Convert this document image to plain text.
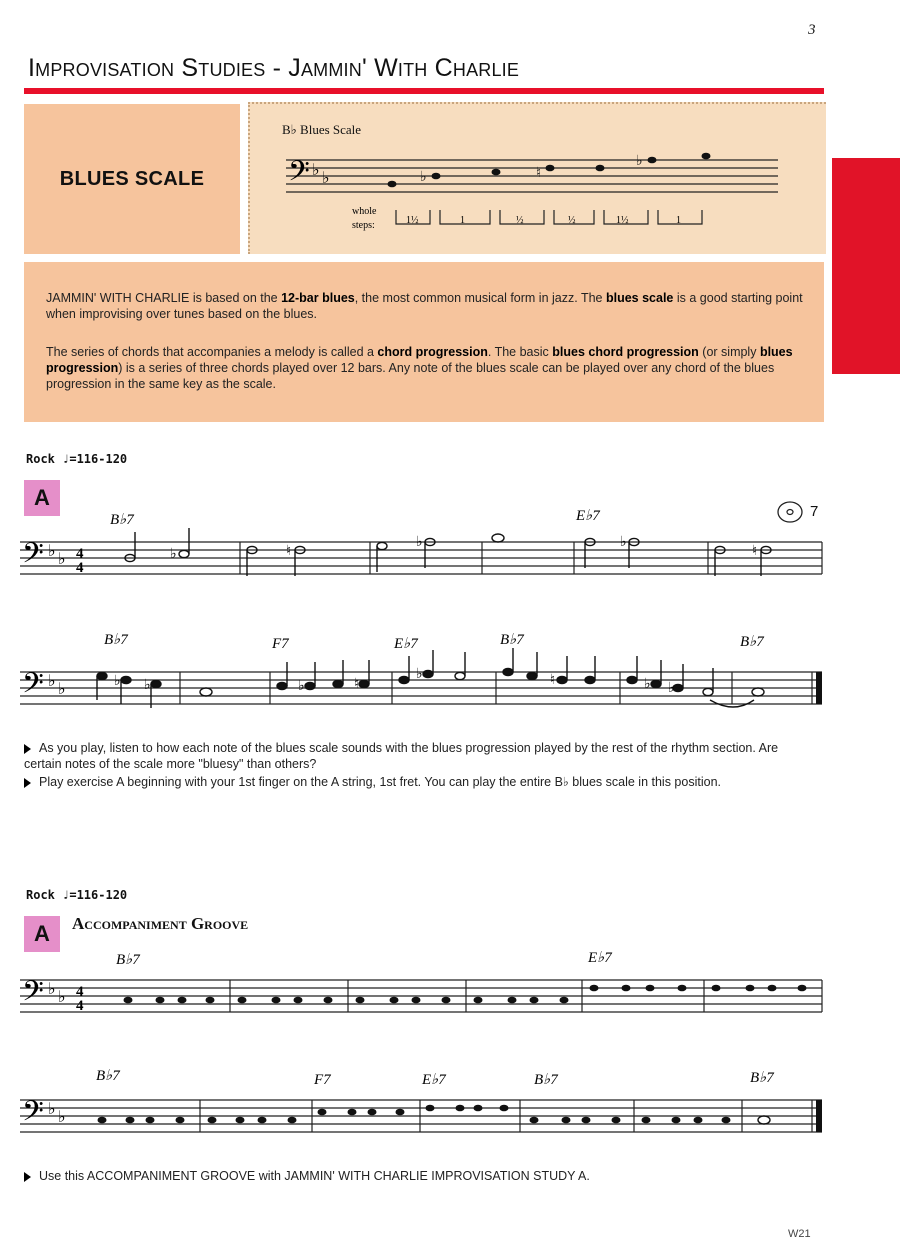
3
Improvisation Studies - Jammin' With Charlie
BLUES SCALE
B♭ Blues Scale
𝄢 ♭ ♭	♭	♮
♭
whole
steps:	1½	1	½	½	1½	1
JAMMIN' WITH CHARLIE is based on the 12-bar blues, the most common musical form in jazz. The blues scale is a good starting point when improvising over tunes based on the blues.
The series of chords that accompanies a melody is called a chord progression. The basic blues chord progression (or simply blues progression) is a series of three chords played over 12 bars. Any note of the blues scale can be played over any chord of the blues progression in the same key as the scale.
Rock ♩=116-120
A
7
𝄢 ♭ ♭ 4
4
B♭7	E♭7
♭	♮
♭	♭
♮
𝄢 ♭ ♭
B♭7	F7	E♭7	B♭7	B♭7
♭ ♭	♭	♮
♭	♮	♭ ♭
As you play, listen to how each note of the blues scale sounds with the blues progression played by the rest of the rhythm section. Are certain notes of the scale more "bluesy" than others?
Play exercise A beginning with your 1st finger on the A string, 1st fret. You can play the entire B♭ blues scale in this position.
Rock ♩=116-120
A	Accompaniment Groove
𝄢 ♭ ♭ 4
4
B♭7	E♭7
𝄢 ♭ ♭
B♭7	F7	E♭7	B♭7	B♭7
Use this ACCOMPANIMENT GROOVE with JAMMIN' WITH CHARLIE IMPROVISATION STUDY A.
W21
